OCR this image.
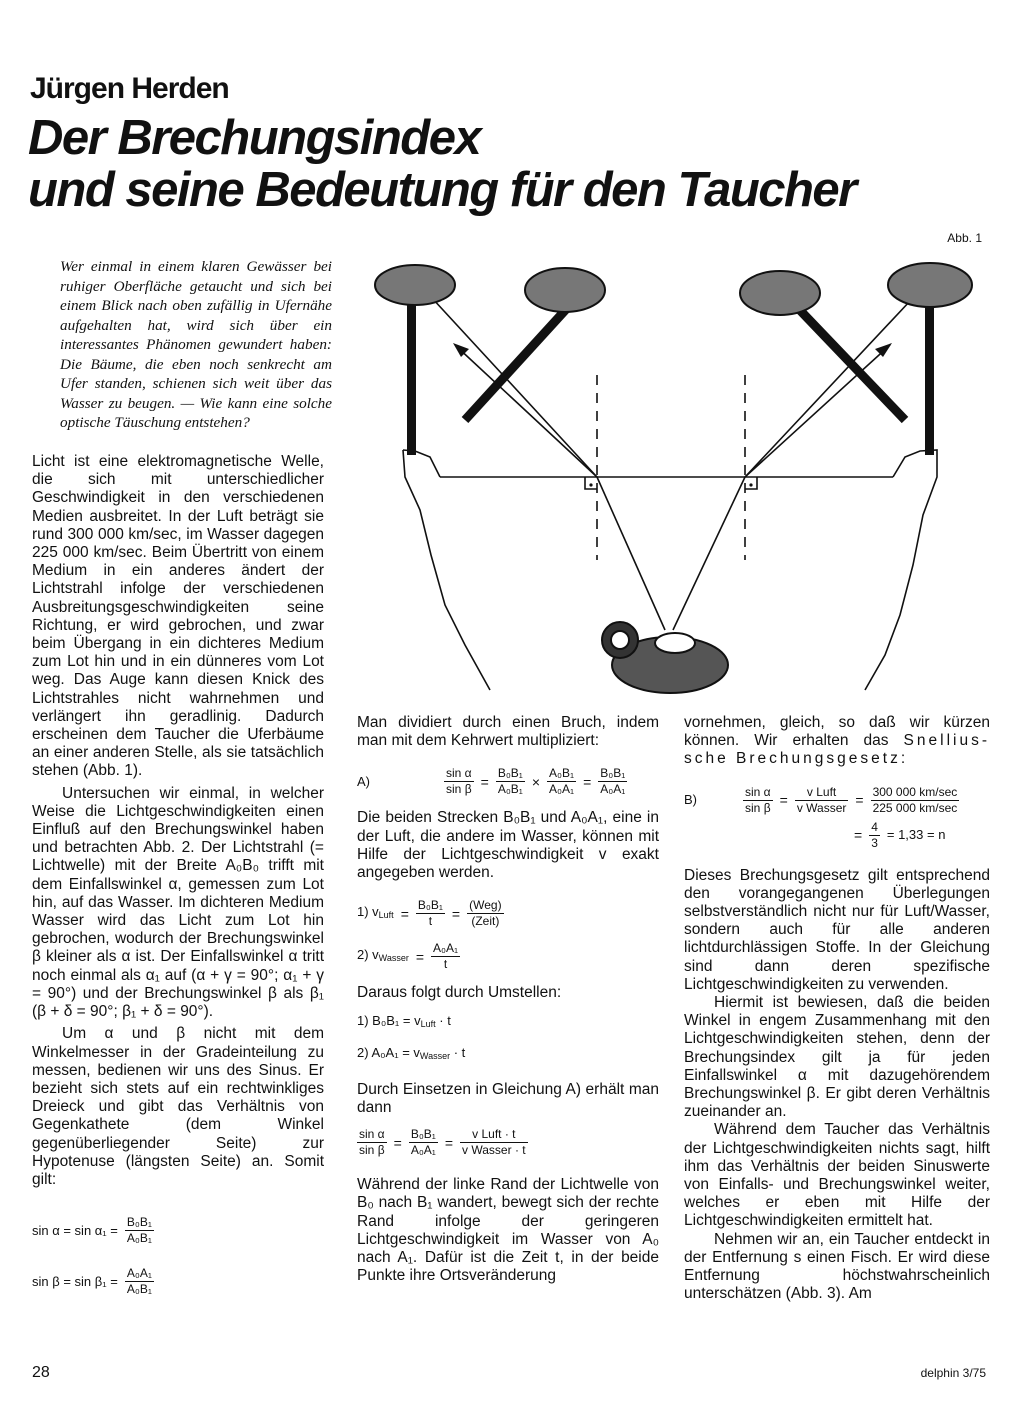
Jürgen Herden
Der Brechungsindex
und seine Bedeutung für den Taucher
Abb. 1
Wer einmal in einem klaren Gewässer bei ruhiger Oberfläche getaucht und sich bei einem Blick nach oben zufällig in Ufernähe aufgehalten hat, wird sich über ein interessantes Phänomen gewundert haben: Die Bäume, die eben noch senkrecht am Ufer standen, schienen sich weit über das Wasser zu beugen. — Wie kann eine solche optische Täuschung entstehen?

Licht ist eine elektromagnetische Welle, die sich mit unterschiedlicher Geschwindigkeit in den verschiedenen Medien ausbreitet. In der Luft beträgt sie rund 300 000 km/sec, im Wasser dagegen 225 000 km/sec. Beim Übertritt von einem Medium in ein anderes ändert der Lichtstrahl infolge der verschiedenen Ausbreitungsgeschwindigkeiten seine Richtung, er wird gebrochen, und zwar beim Übergang in ein dichteres Medium zum Lot hin und in ein dünneres vom Lot weg. Das Auge kann diesen Knick des Lichtstrahles nicht wahrnehmen und verlängert ihn geradlinig. Dadurch erscheinen dem Taucher die Uferbäume an einer anderen Stelle, als sie tatsächlich stehen (Abb. 1).

Untersuchen wir einmal, in welcher Weise die Lichtgeschwindigkeiten einen Einfluß auf den Brechungswinkel haben und betrachten Abb. 2. Der Lichtstrahl (= Lichtwelle) mit der Breite A₀B₀ trifft mit dem Einfallswinkel α, gemessen zum Lot hin, auf das Wasser. Im dichteren Medium Wasser wird das Licht zum Lot hin gebrochen, wodurch der Brechungswinkel β kleiner als α ist. Der Einfallswinkel α tritt noch einmal als α₁ auf (α + γ = 90°; α₁ + γ = 90°) und der Brechungswinkel β als β₁ (β + δ = 90°; β₁ + δ = 90°).

Um α und β nicht mit dem Winkelmesser in der Gradeinteilung zu messen, bedienen wir uns des Sinus. Er bezieht sich stets auf ein rechtwinkliges Dreieck und gibt das Verhältnis von Gegenkathete (dem Winkel gegenüberliegender Seite) zur Hypotenuse (längsten Seite) an. Somit gilt:

$\sin \alpha = \sin \alpha_1 = \frac{\text{B₀B₁}}{\text{A₀B₁}}$
$\sin \beta = \sin \beta_1 = \frac{\text{A₀A₁}}{\text{A₀B₁}}$

Man dividiert durch einen Bruch, indem man mit dem Kehrwert multipliziert:

A)	$\frac{\text{sin α}}{\text{sin β}} = \frac{\text{B₀B₁}}{\text{A₀B₁}} \times \frac{\text{A₀B₁}}{\text{A₀A₁}} = \frac{\text{B₀B₁}}{\text{A₀A₁}}$

Die beiden Strecken B₀B₁ und A₀A₁, eine in der Luft, die andere im Wasser, können mit Hilfe der Lichtgeschwindigkeit v exakt angegeben werden.

1) $v_{Luft} = \frac{\text{B₀B₁}}{t} = \frac{\text{(Weg)}}{\text{(Zeit)}}$
2) $v_{Wasser} = \frac{\text{A₀A₁}}{t}$

Daraus folgt durch Umstellen:

1) $B_0B_1 = v_{Luft} \cdot t$
2) $A_0A_1 = v_{Wasser} \cdot t$

Durch Einsetzen in Gleichung A) erhält man dann

$\frac{\text{sin α}}{\text{sin β}} = \frac{\text{B₀B₁}}{\text{A₀A₁}} = \frac{\text{v Luft · t}}{\text{v Wasser · t}}$

Während der linke Rand der Lichtwelle von B₀ nach B₁ wandert, bewegt sich der rechte Rand infolge der geringeren Lichtgeschwindigkeit im Wasser von A₀ nach A₁. Dafür ist die Zeit t, in der beide Punkte ihre Ortsveränderung

vornehmen, gleich, so daß wir kürzen können. Wir erhalten das Snellius-sche Brechungsgesetz:

B)	$\frac{\text{sin α}}{\text{sin β}} = \frac{\text{v Luft}}{\text{v Wasser}} = \frac{300 000 km/\sec}{225 000 km/\sec}$
= $\frac{4}{3} = 1,33 = n$

Dieses Brechungsgesetz gilt entsprechend den vorangegangenen Überlegungen selbstverständlich nicht nur für Luft/Wasser, sondern auch für alle anderen lichtdurchlässigen Stoffe. In der Gleichung sind dann deren spezifische Lichtgeschwindigkeiten zu verwenden.

Hiermit ist bewiesen, daß die beiden Winkel in engem Zusammenhang mit den Lichtgeschwindigkeiten stehen, denn der Brechungsindex gilt ja für jeden Einfallswinkel α mit dazugehörendem Brechungswinkel β. Er gibt deren Verhältnis zueinander an.

Während dem Taucher das Verhältnis der Lichtgeschwindigkeiten nichts sagt, hilft ihm das Verhältnis der beiden Sinuswerte von Einfalls- und Brechungswinkel weiter, welches er eben mit Hilfe der Lichtgeschwindigkeiten ermittelt hat.

Nehmen wir an, ein Taucher entdeckt in der Entfernung s einen Fisch. Er wird diese Entfernung höchstwahrscheinlich unterschätzen (Abb. 3). Am

28	delphin 3/75
